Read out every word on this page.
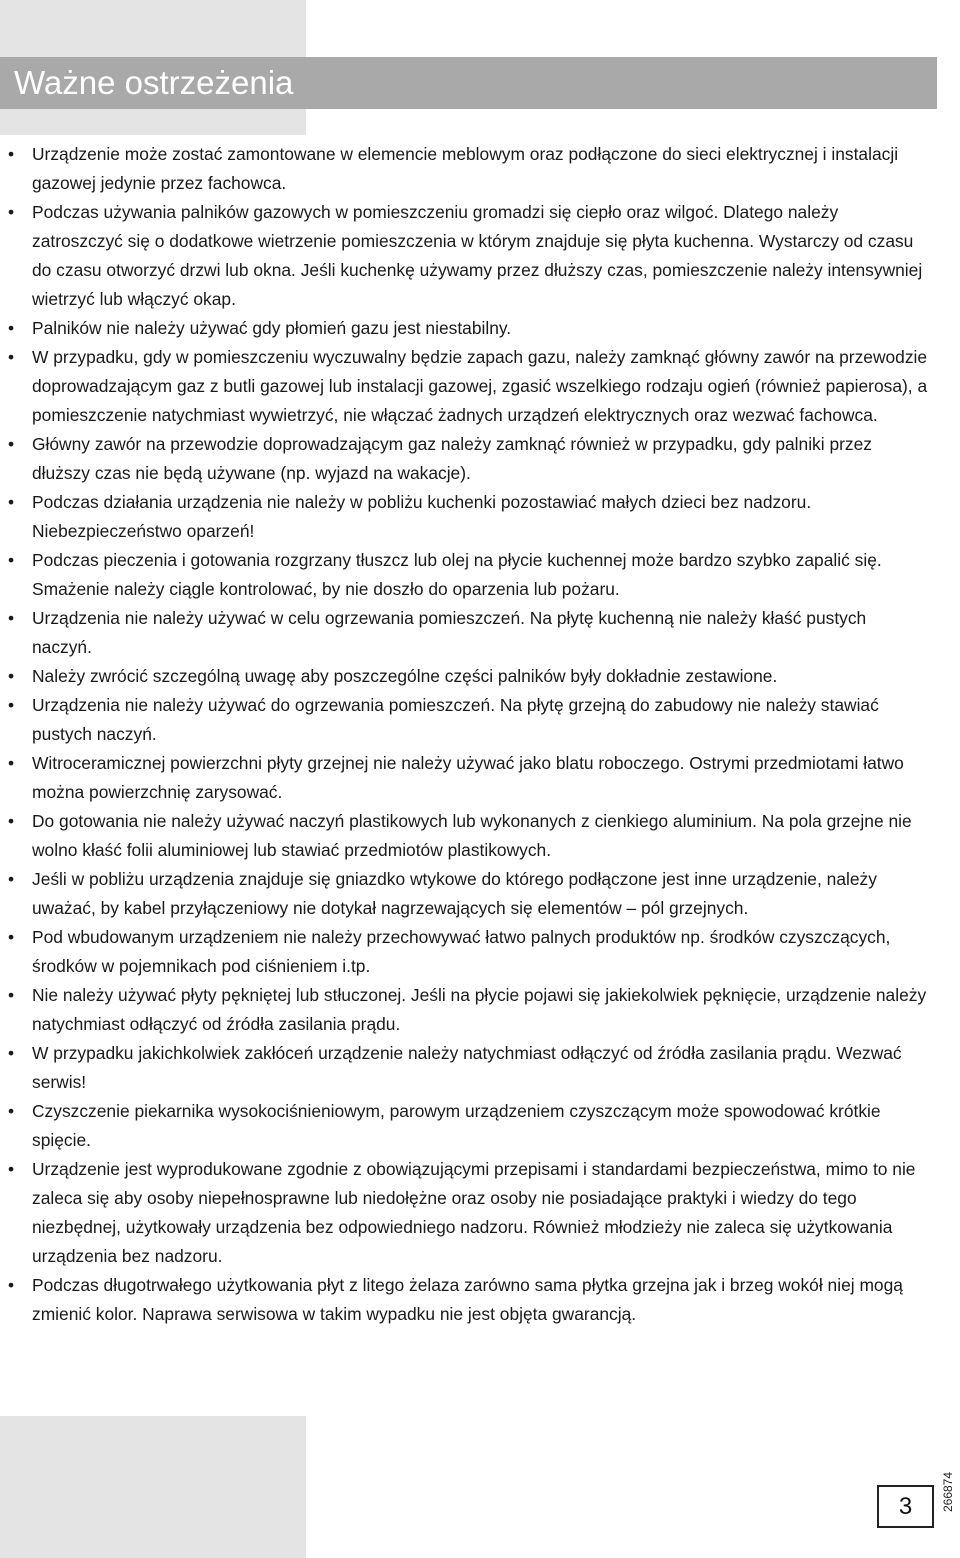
Ważne ostrzeżenia
• Urządzenie może zostać zamontowane w elemencie meblowym oraz podłączone do sieci elektrycznej i instalacji gazowej jedynie przez fachowca.
• Podczas używania palników gazowych w pomieszczeniu gromadzi się ciepło oraz wilgoć. Dlatego należy zatroszczyć się o dodatkowe wietrzenie pomieszczenia w którym znajduje się płyta kuchenna. Wystarczy od czasu do czasu otworzyć drzwi lub okna. Jeśli kuchenkę używamy przez dłuższy czas, pomieszczenie należy intensywniej wietrzyć lub włączyć okap.
• Palników nie należy używać gdy płomień gazu jest niestabilny.
• W przypadku, gdy w pomieszczeniu wyczuwalny będzie zapach gazu, należy zamknąć główny zawór na przewodzie doprowadzającym gaz z butli gazowej lub instalacji gazowej, zgasić wszelkiego rodzaju ogień (również papierosa), a pomieszczenie natychmiast wywietrzyć, nie włączać żadnych urządzeń elektrycznych oraz wezwać fachowca.
• Główny zawór na przewodzie doprowadzającym gaz należy zamknąć również w przypadku, gdy palniki przez dłuższy czas nie będą używane (np. wyjazd na wakacje).
• Podczas działania urządzenia nie należy w pobliżu kuchenki pozostawiać małych dzieci bez nadzoru. Niebezpieczeństwo oparzeń!
• Podczas pieczenia i gotowania rozgrzany tłuszcz lub olej na płycie kuchennej może bardzo szybko zapalić się. Smażenie należy ciągle kontrolować, by nie doszło do oparzenia lub pożaru.
• Urządzenia nie należy używać w celu ogrzewania pomieszczeń. Na płytę kuchenną nie należy kłaść pustych naczyń.
• Należy zwrócić szczególną uwagę aby poszczególne części palników były dokładnie zestawione.
• Urządzenia nie należy używać do ogrzewania pomieszczeń. Na płytę grzejną do zabudowy nie należy stawiać pustych naczyń.
• Witroceramicznej powierzchni płyty grzejnej nie należy używać jako blatu roboczego. Ostrymi przedmiotami łatwo można powierzchnię zarysować.
• Do gotowania nie należy używać naczyń plastikowych lub wykonanych z cienkiego aluminium. Na pola grzejne nie wolno kłaść folii aluminiowej lub stawiać przedmiotów plastikowych.
• Jeśli w pobliżu urządzenia znajduje się gniazdko wtykowe do którego podłączone jest inne urządzenie, należy uważać, by kabel przyłączeniowy nie dotykał nagrzewających się elementów – pól grzejnych.
• Pod wbudowanym urządzeniem nie należy przechowywać łatwo palnych produktów np. środków czyszczących, środków w pojemnikach pod ciśnieniem i.tp.
• Nie należy używać płyty pękniętej lub stłuczonej. Jeśli na płycie pojawi się jakiekolwiek pęknięcie, urządzenie należy natychmiast odłączyć od źródła zasilania prądu.
• W przypadku jakichkolwiek zakłóceń urządzenie należy natychmiast odłączyć od źródła zasilania prądu. Wezwać serwis!
• Czyszczenie piekarnika wysokociśnieniowym, parowym urządzeniem czyszczącym może spowodować krótkie spięcie.
• Urządzenie jest wyprodukowane zgodnie z obowiązującymi przepisami i standardami bezpieczeństwa, mimo to nie zaleca się aby osoby niepełnosprawne lub niedołężne oraz osoby nie posiadające praktyki i wiedzy do tego niezbędnej, użytkowały urządzenia bez odpowiedniego nadzoru. Również młodzieży nie zaleca się użytkowania urządzenia bez nadzoru.
• Podczas długotrwałego użytkowania płyt z litego żelaza zarówno sama płytka grzejna jak i brzeg wokół niej mogą zmienić kolor. Naprawa serwisowa w takim wypadku nie jest objęta gwarancją.
266874
3
